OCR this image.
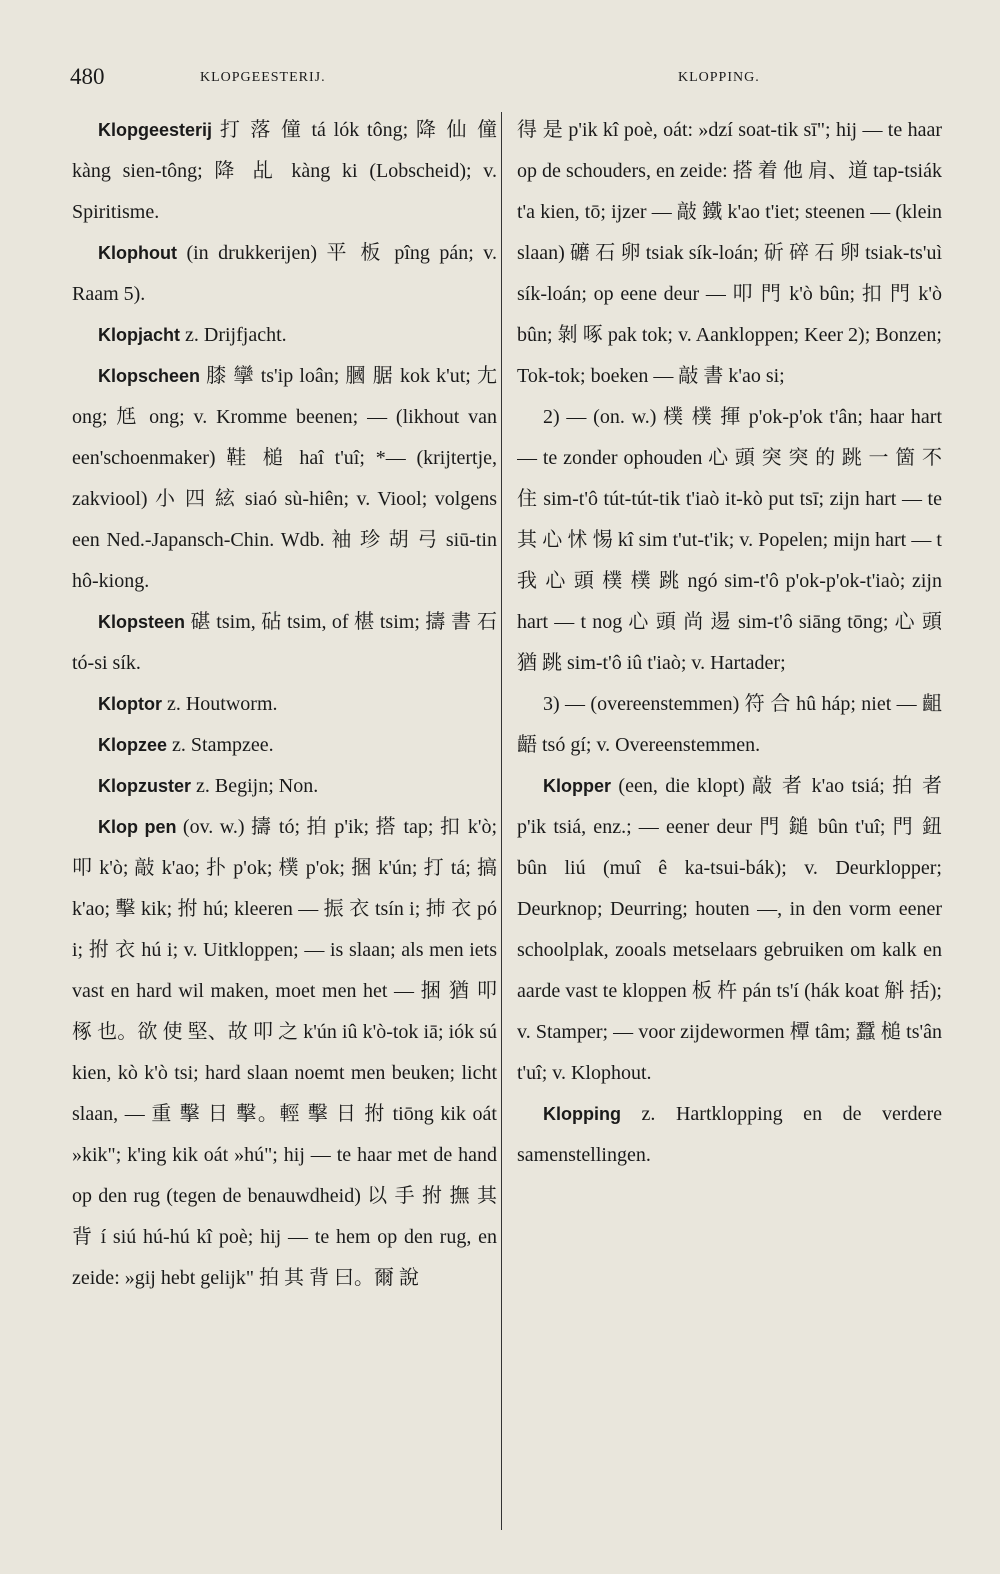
480	KLOPGEESTERIJ.	KLOPPING.

Klopgeesterij 打 落 僮 tá lók tông; 降 仙 僮 kàng sien-tông; 降 乩 kàng ki (Lobscheid); v. Spiritisme.

Klophout (in drukkerijen) 平 板 pîng pán; v. Raam 5).

Klopjacht z. Drijfjacht.

Klopscheen 膝 攣 ts'ip loân; 膕 腒 kok k'ut; 尢 ong; 尪 ong; v. Kromme beenen; — (likhout van een'schoenmaker) 鞋 槌 haî t'uî; *— (krijtertje, zakviool) 小 四 絃 siaó sù-hiên; v. Viool; volgens een Ned.-Japansch-Chin. Wdb. 袖 珍 胡 弓 siū-tin hô-kiong.

Klopsteen 碪 tsim, 砧 tsim, of 椹 tsim; 擣 書 石 tó-si sík.

Kloptor z. Houtworm.

Klopzee z. Stampzee.

Klopzuster z. Begijn; Non.

Klop pen (ov. w.) 擣 tó; 拍 p'ik; 搭 tap; 扣 k'ò; 叩 k'ò; 敲 k'ao; 扑 p'ok; 樸 p'ok; 捆 k'ún; 打 tá; 搞 k'ao; 擊 kik; 拊 hú; kleeren — 振 衣 tsín i; 㧊 衣 pó i; 拊 衣 hú i; v. Uitkloppen; — is slaan; als men iets vast en hard wil maken, moet men het — 捆 猶 叩 椓 也。欲 使 堅、故 叩 之 k'ún iû k'ò-tok iā; iók sú kien, kò k'ò tsi; hard slaan noemt men beuken; licht slaan, — 重 擊 日 擊。輕 擊 日 拊 tiōng kik oát »kik"; k'ing kik oát »hú"; hij — te haar met de hand op den rug (tegen de benauwdheid) 以 手 拊 撫 其 背 í siú hú-hú kî poè; hij — te hem op den rug, en zeide: »gij hebt gelijk" 拍 其 背 曰。爾 說

得 是 p'ik kî poè, oát: »dzí soat-tik sī"; hij — te haar op de schouders, en zeide: 搭 着 他 肩、道 tap-tsiák t'a kien, tō; ijzer — 敲 鐵 k'ao t'iet; steenen — (klein slaan) 礳 石 卵 tsiak sík-loán; 斫 碎 石 卵 tsiak-ts'uì sík-loán; op eene deur — 叩 門 k'ò bûn; 扣 門 k'ò bûn; 剝 啄 pak tok; v. Aankloppen; Keer 2); Bonzen; Tok-tok; boeken — 敲 書 k'ao si;

2) — (on. w.) 樸 樸 揮 p'ok-p'ok t'ân; haar hart — te zonder ophouden 心 頭 突 突 的 跳 一 箇 不 住 sim-t'ô tút-tút-tik t'iaò it-kò put tsī; zijn hart — te 其 心 怵 惕 kî sim t'ut-t'ik; v. Popelen; mijn hart — t 我 心 頭 樸 樸 跳 ngó sim-t'ô p'ok-p'ok-t'iaò; zijn hart — t nog 心 頭 尚 逷 sim-t'ô siāng tōng; 心 頭 猶 跳 sim-t'ô iû t'iaò; v. Hartader;

3) — (overeenstemmen) 符 合 hû háp; niet — 齟 齬 tsó gí; v. Overeenstemmen.

Klopper (een, die klopt) 敲 者 k'ao tsiá; 拍 者 p'ik tsiá, enz.; — eener deur 門 鎚 bûn t'uî; 門 鈕 bûn liú (muî ê ka-tsui-bák); v. Deurklopper; Deurknop; Deurring; houten —, in den vorm eener schoolplak, zooals metselaars gebruiken om kalk en aarde vast te kloppen 板 杵 pán ts'í (hák koat 斛 括); v. Stamper; — voor zijdewormen 橝 tâm; 蠶 槌 ts'ân t'uî; v. Klophout.

Klopping z. Hartklopping en de verdere samenstellingen.
